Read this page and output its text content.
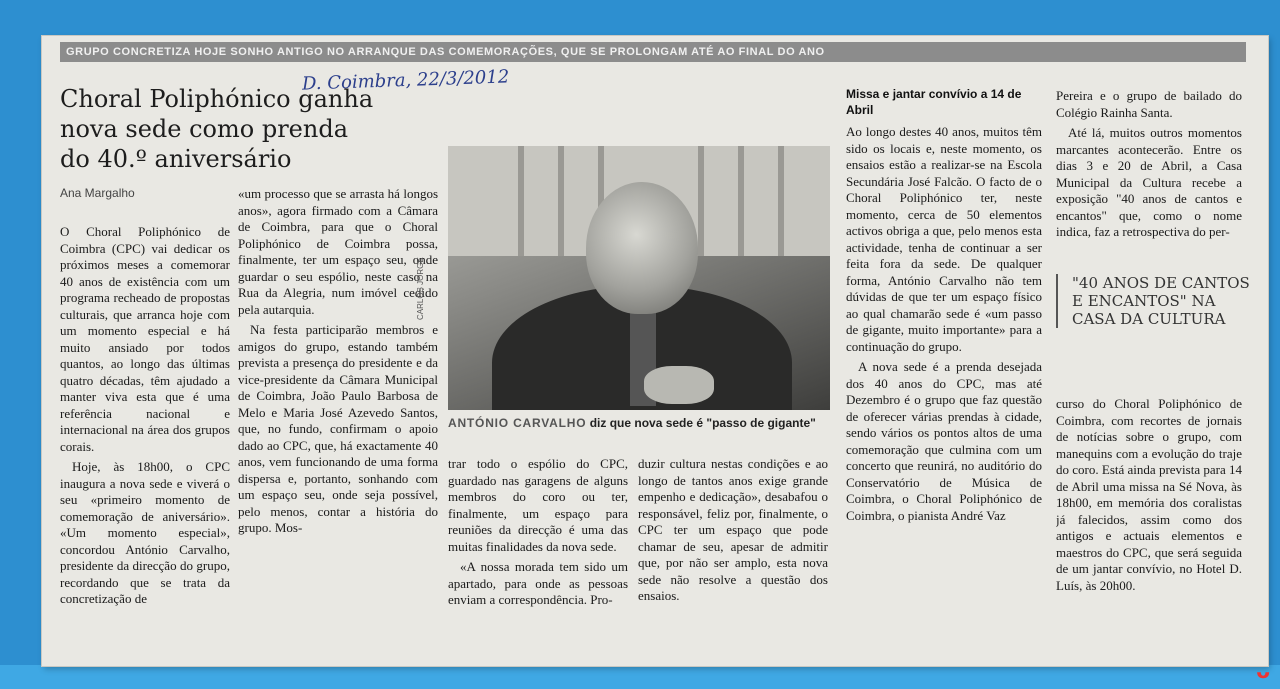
GRUPO CONCRETIZA HOJE SONHO ANTIGO NO ARRANQUE DAS COMEMORAÇÕES, QUE SE PROLONGAM ATÉ AO FINAL DO ANO
D. Coimbra, 22/3/2012
Choral Poliphónico ganha nova sede como prenda do 40.º aniversário
Ana Margalho

O Choral Poliphónico de Coimbra (CPC) vai dedicar os próximos meses a comemorar 40 anos de existência com um programa recheado de propostas culturais, que arranca hoje com um momento especial e há muito ansiado por todos quantos, ao longo das últimas quatro décadas, têm ajudado a manter viva esta que é uma referência nacional e internacional na área dos grupos corais.

Hoje, às 18h00, o CPC inaugura a nova sede e viverá o seu «primeiro momento de comemoração de aniversário». «Um momento especial», concordou António Carvalho, presidente da direcção do grupo, recordando que se trata da concretização de

«um processo que se arrasta há longos anos», agora firmado com a Câmara de Coimbra, para que o Choral Poliphónico de Coimbra possa, finalmente, ter um espaço seu, onde guardar o seu espólio, neste caso na Rua da Alegria, num imóvel cedido pela autarquia.

Na festa participarão membros e amigos do grupo, estando também prevista a presença do presidente e da vice-presidente da Câmara Municipal de Coimbra, João Paulo Barbosa de Melo e Maria José Azevedo Santos, que, no fundo, confirmam o apoio dado ao CPC, que, há exactamente 40 anos, vem funcionando de uma forma dispersa e, portanto, sonhando com um espaço seu, onde seja possível, pelo menos, contar a história do grupo. Mos-

CARLOS JORGE
ANTÓNIO CARVALHO diz que nova sede é "passo de gigante"

trar todo o espólio do CPC, guardado nas garagens de alguns membros do coro ou ter, finalmente, um espaço para reuniões da direcção é uma das muitas finalidades da nova sede.

«A nossa morada tem sido um apartado, para onde as pessoas enviam a correspondência. Pro-

duzir cultura nestas condições e ao longo de tantos anos exige grande empenho e dedicação», desabafou o responsável, feliz por, finalmente, o CPC ter um espaço que pode chamar de seu, apesar de admitir que, por não ser amplo, esta nova sede não resolve a questão dos ensaios.

Missa e jantar convívio a 14 de Abril

Ao longo destes 40 anos, muitos têm sido os locais e, neste momento, os ensaios estão a realizar-se na Escola Secundária José Falcão. O facto de o Choral Poliphónico ter, neste momento, cerca de 50 elementos activos obriga a que, pelo menos esta actividade, tenha de continuar a ser feita fora da sede. De qualquer forma, António Carvalho não tem dúvidas de que ter um espaço físico ao qual chamarão sede é «um passo de gigante, muito importante» para a continuação do grupo.

A nova sede é a prenda desejada dos 40 anos do CPC, mas até Dezembro é o grupo que faz questão de oferecer várias prendas à cidade, sendo vários os pontos altos de uma comemoração que culmina com um concerto que reunirá, no auditório do Conservatório de Música de Coimbra, o Choral Poliphónico de Coimbra, o pianista André Vaz

Pereira e o grupo de bailado do Colégio Rainha Santa.

Até lá, muitos outros momentos marcantes acontecerão. Entre os dias 3 e 20 de Abril, a Casa Municipal da Cultura recebe a exposição "40 anos de cantos e encantos" que, como o nome indica, faz a retrospectiva do per-

"40 ANOS DE CANTOS E ENCANTOS" NA CASA DA CULTURA

curso do Choral Poliphónico de Coimbra, com recortes de jornais de notícias sobre o grupo, com manequins com a evolução do traje do coro. Está ainda prevista para 14 de Abril uma missa na Sé Nova, às 18h00, em memória dos coralistas já falecidos, assim como dos antigos e actuais elementos e maestros do CPC, que será seguida de um jantar convívio, no Hotel D. Luís, às 20h00.

ᴗ
